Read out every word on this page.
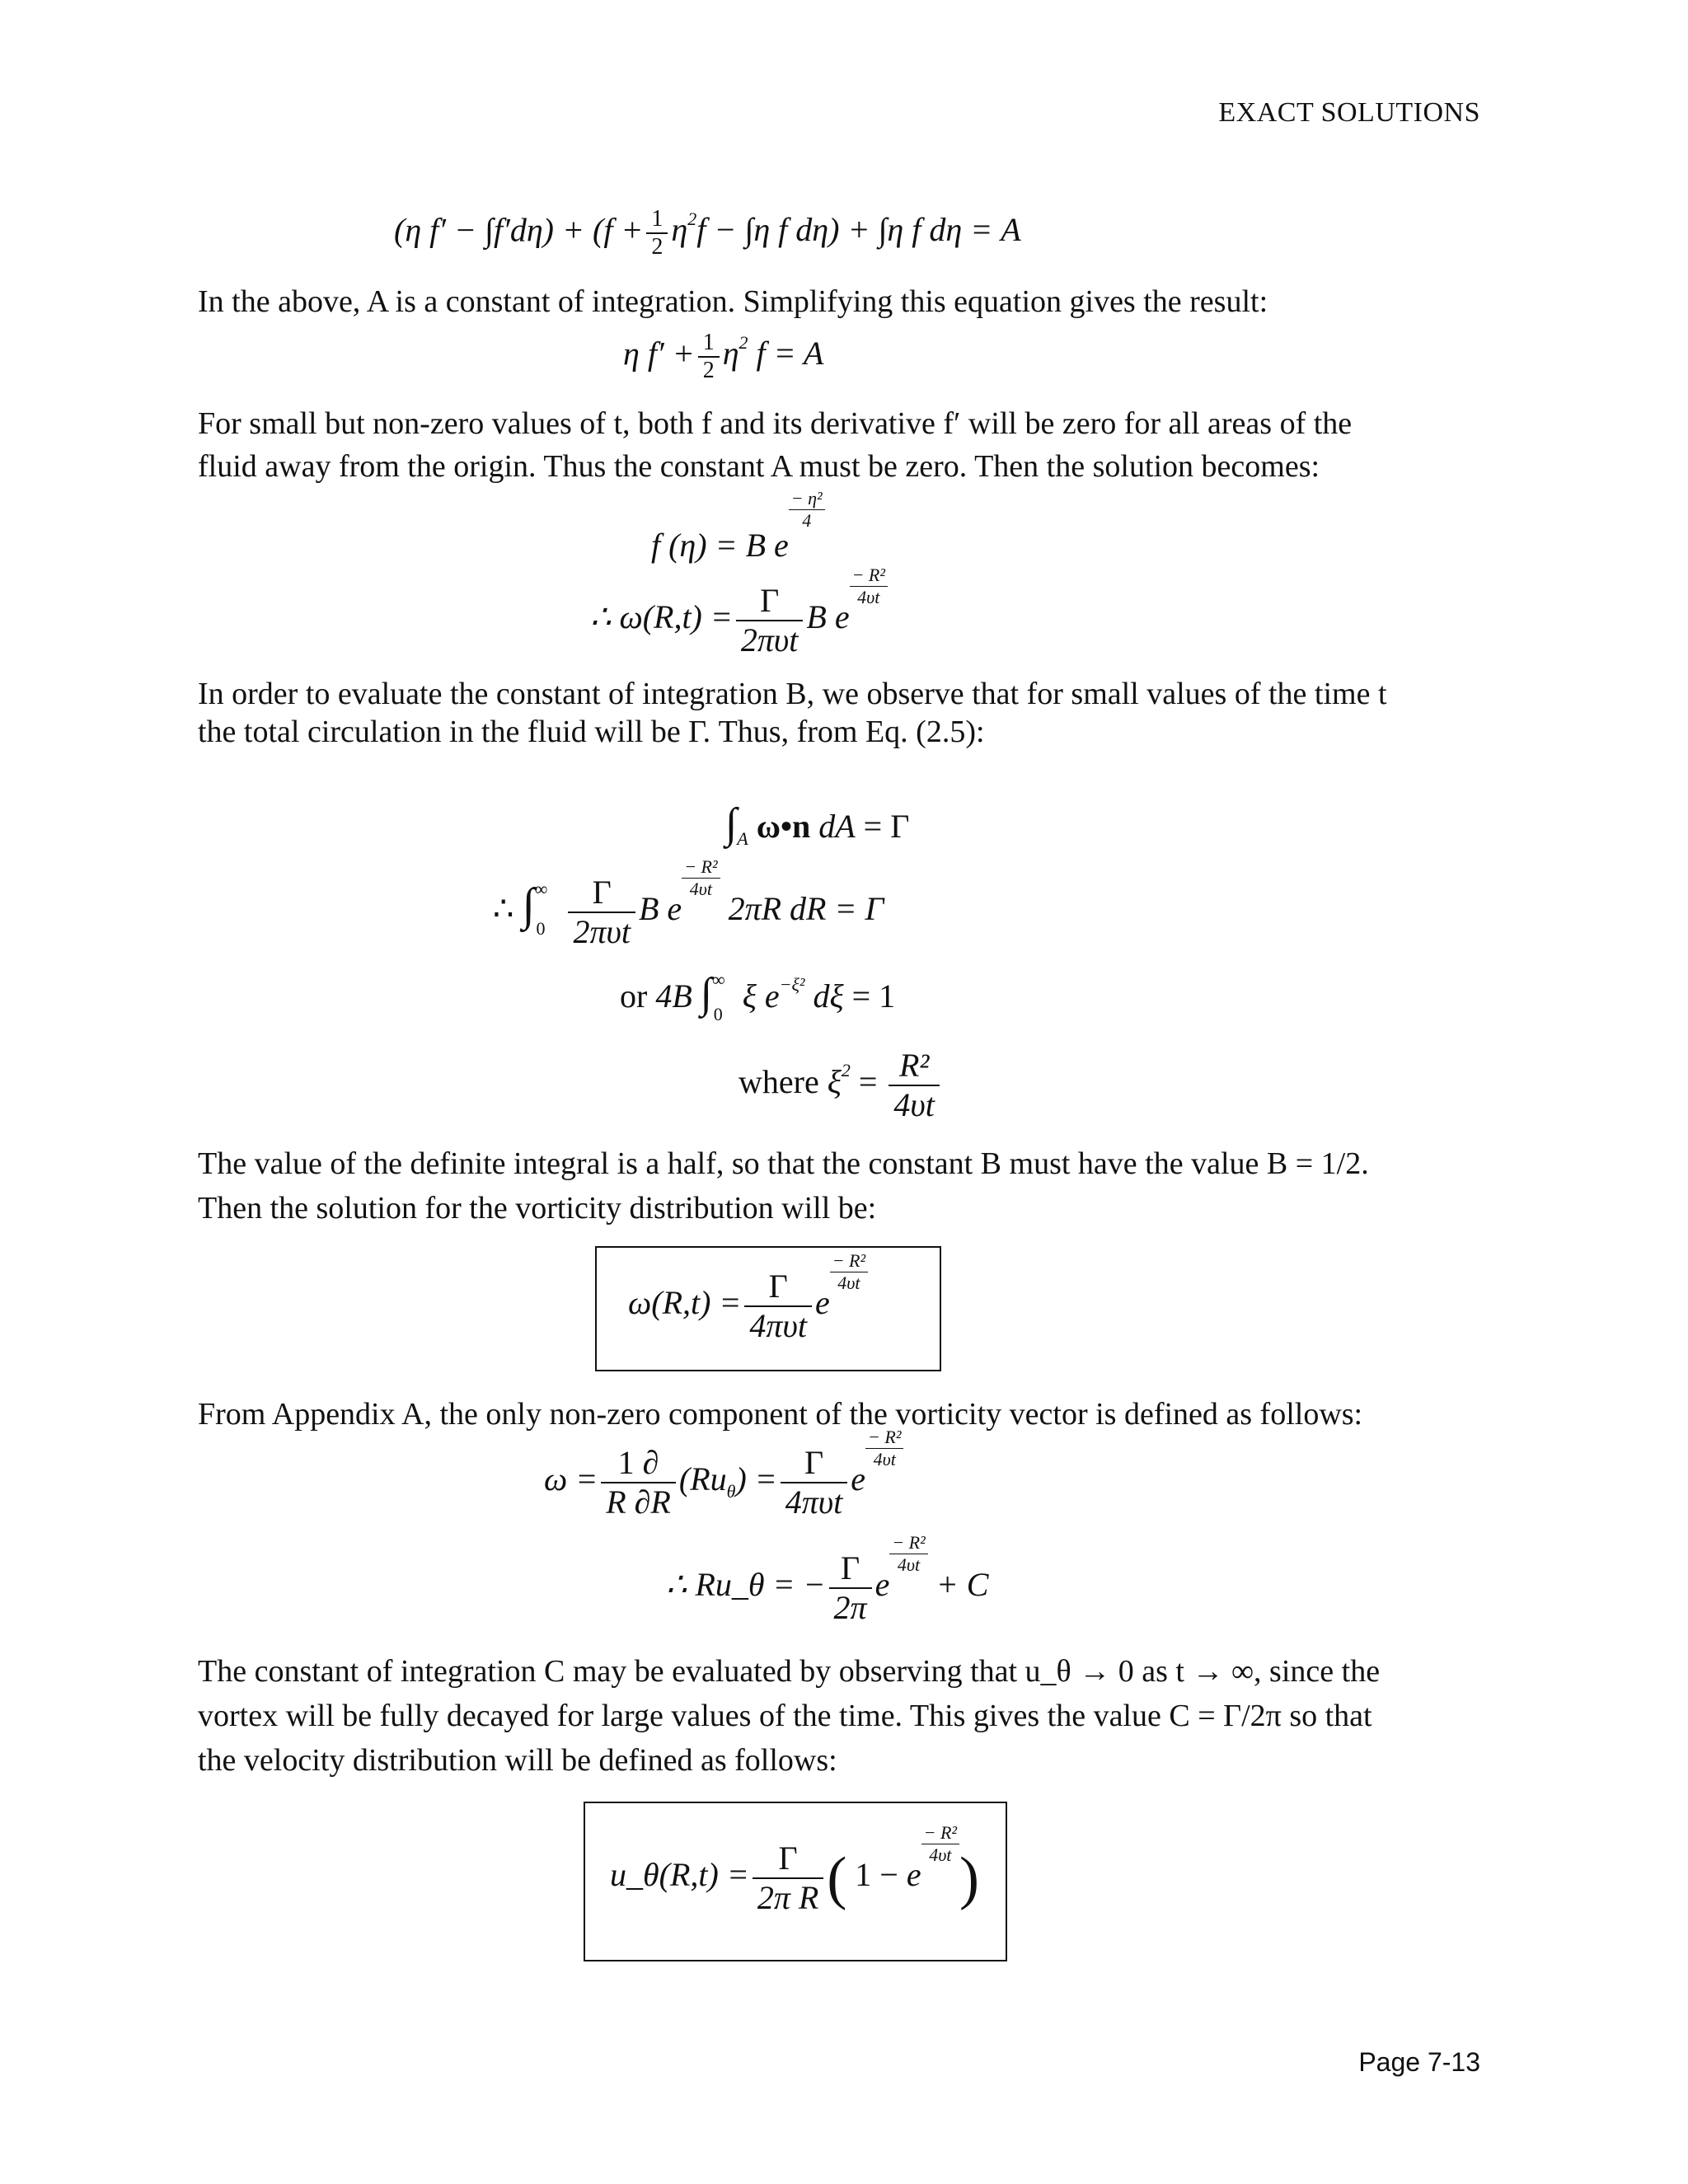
EXACT SOLUTIONS
(η $f' - \int f'd\eta) + (f + \frac{1}{2} \eta 2f - \int\eta$ f dη) + ∫η f dη = A
In the above, A is a constant of integration. Simplifying this equation gives the result:
η $f' + \frac{1}{2} \eta 2$ f = A
For small but non-zero values of t, both f and its derivative f′ will be zero for all areas of the
fluid away from the origin. Thus the constant A must be zero. Then the solution becomes:
f (η) = B e
− η²
4
∴ $\omega(R,t) = \frac{\Gamma}{\text{2πυt}}$ B e
− R²
4υt
In order to evaluate the constant of integration B, we observe that for small values of the time t
the total circulation in the fluid will be Γ. Thus, from Eq. (2.5):
$\int_A$ ω•n dA = Γ
∴ $\int^\infty_0 \frac{\Gamma}{\text{2πυt}}$ B e
− R²
4υt 2πR dR = Γ
or 4B $\int^\infty_0$ ξ e−ξ² dξ = 1
where $\xi 2 = \frac{\text{R²}}{4\upsilon t}$
The value of the definite integral is a half, so that the constant B must have the value B = 1/2.
Then the solution for the vorticity distribution will be:
$\omega(R,t) = \frac{\Gamma}{\text{4πυt}}$ e
− R²
4υt
From Appendix A, the only non-zero component of the vorticity vector is defined as follows:
$\omega = \frac{1 \partial}{R \partial R} (Ru_\theta) = \frac{\Gamma}{\text{4πυt}}$ e
− R²
4υt
∴ Ru_θ = − $\frac{\Gamma}{2\pi}$ e
− R²
4υt + C
The constant of integration C may be evaluated by observing that u_θ → 0 as t → ∞, since the
vortex will be fully decayed for large values of the time. This gives the value C = Γ/2π so that
the velocity distribution will be defined as follows:
u_θ(R,t) = $\frac{\Gamma}{\text{2π R}}$ ( 1 − e
− R²
4υt )
Page 7-13
